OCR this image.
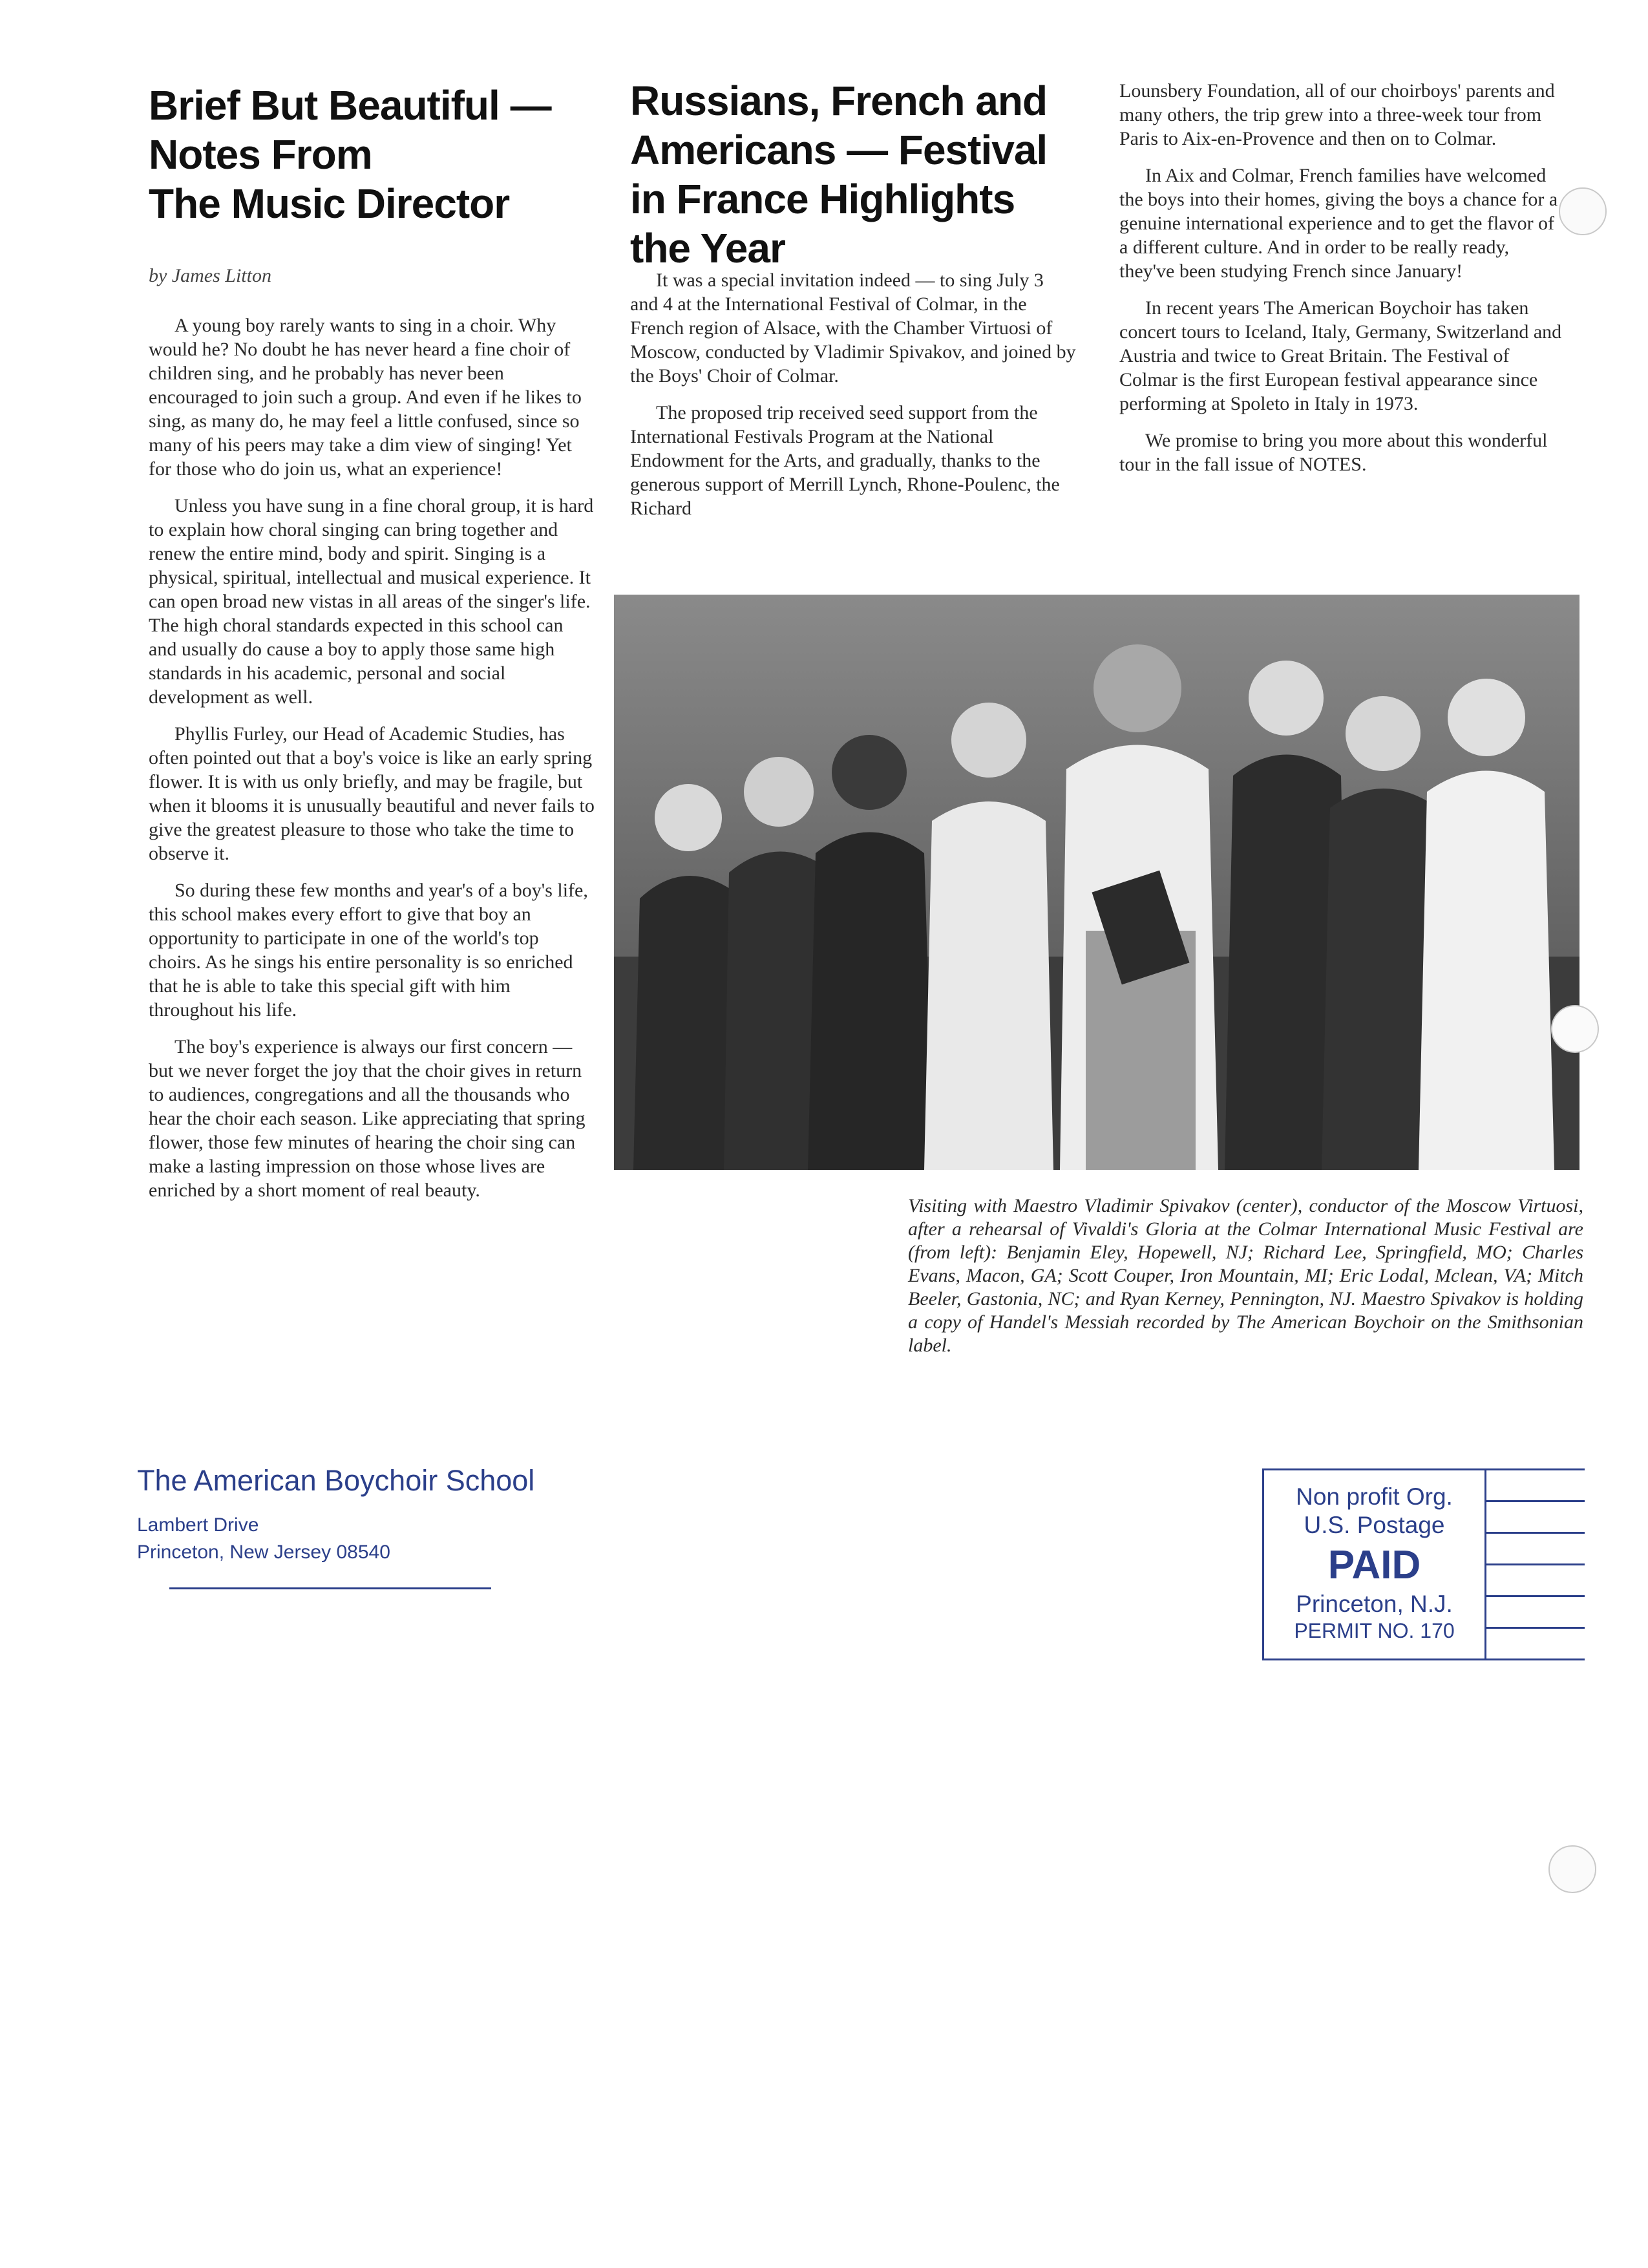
Brief But Beautiful —
Notes From
The Music Director
by James Litton

A young boy rarely wants to sing in a choir. Why would he? No doubt he has never heard a fine choir of children sing, and he probably has never been encouraged to join such a group. And even if he likes to sing, as many do, he may feel a little confused, since so many of his peers may take a dim view of singing! Yet for those who do join us, what an experience!

Unless you have sung in a fine choral group, it is hard to explain how choral singing can bring together and renew the entire mind, body and spirit. Singing is a physical, spiritual, intellectual and musical experience. It can open broad new vistas in all areas of the singer's life. The high choral standards expected in this school can and usually do cause a boy to apply those same high standards in his academic, personal and social development as well.

Phyllis Furley, our Head of Academic Studies, has often pointed out that a boy's voice is like an early spring flower. It is with us only briefly, and may be fragile, but when it blooms it is unusually beautiful and never fails to give the greatest pleasure to those who take the time to observe it.

So during these few months and year's of a boy's life, this school makes every effort to give that boy an opportunity to participate in one of the world's top choirs. As he sings his entire personality is so enriched that he is able to take this special gift with him throughout his life.

The boy's experience is always our first concern — but we never forget the joy that the choir gives in return to audiences, congregations and all the thousands who hear the choir each season. Like appreciating that spring flower, those few minutes of hearing the choir sing can make a lasting impression on those whose lives are enriched by a short moment of real beauty.

Russians, French and
Americans — Festival
in France Highlights
the Year

It was a special invitation indeed — to sing July 3 and 4 at the International Festival of Colmar, in the French region of Alsace, with the Chamber Virtuosi of Moscow, conducted by Vladimir Spivakov, and joined by the Boys' Choir of Colmar.

The proposed trip received seed support from the International Festivals Program at the National Endowment for the Arts, and gradually, thanks to the generous support of Merrill Lynch, Rhone-Poulenc, the Richard

Lounsbery Foundation, all of our choirboys' parents and many others, the trip grew into a three-week tour from Paris to Aix-en-Provence and then on to Colmar.

In Aix and Colmar, French families have welcomed the boys into their homes, giving the boys a chance for a genuine international experience and to get the flavor of a different culture. And in order to be really ready, they've been studying French since January!

In recent years The American Boychoir has taken concert tours to Iceland, Italy, Germany, Switzerland and Austria and twice to Great Britain. The Festival of Colmar is the first European festival appearance since performing at Spoleto in Italy in 1973.

We promise to bring you more about this wonderful tour in the fall issue of NOTES.

Visiting with Maestro Vladimir Spivakov (center), conductor of the Moscow Virtuosi, after a rehearsal of Vivaldi's Gloria at the Colmar International Music Festival are (from left): Benjamin Eley, Hopewell, NJ; Richard Lee, Springfield, MO; Charles Evans, Macon, GA; Scott Couper, Iron Mountain, MI; Eric Lodal, Mclean, VA; Mitch Beeler, Gastonia, NC; and Ryan Kerney, Pennington, NJ. Maestro Spivakov is holding a copy of Handel's Messiah recorded by The American Boychoir on the Smithsonian label.
The American Boychoir School
Lambert Drive
Princeton, New Jersey 08540
Non profit Org.
U.S. Postage
PAID
Princeton, N.J.
PERMIT NO. 170
